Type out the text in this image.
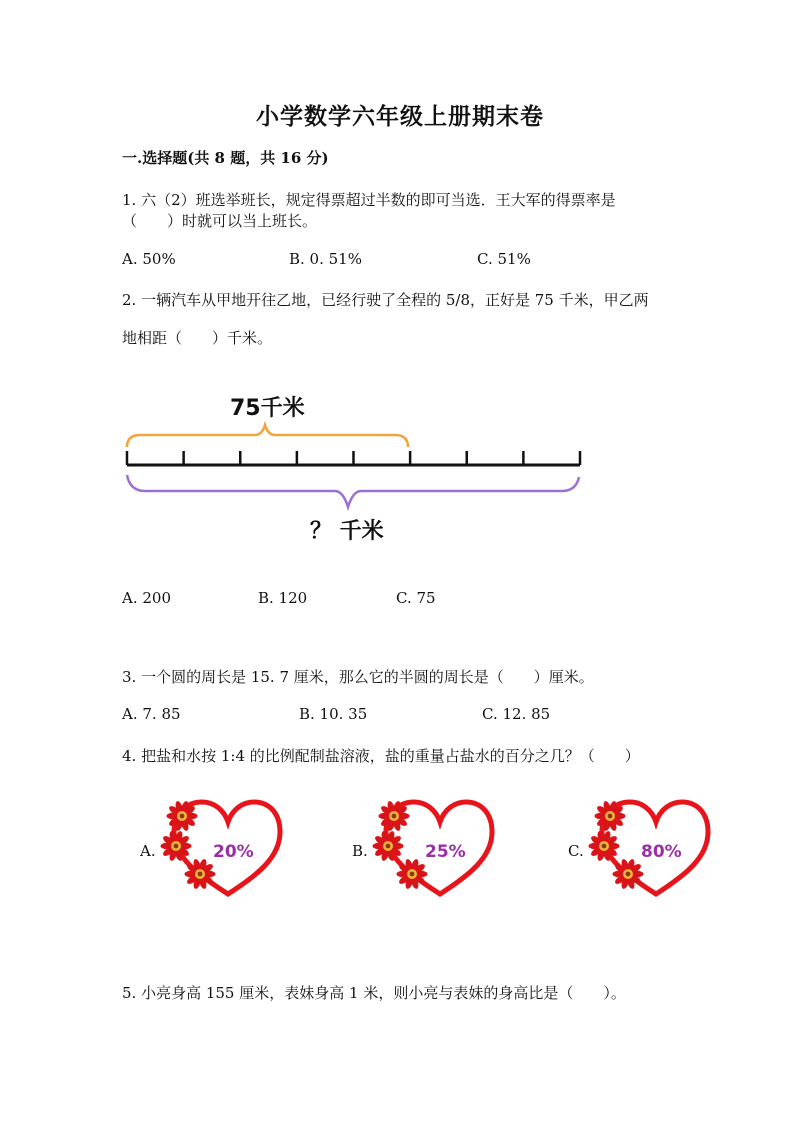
小学数学六年级上册期末卷
一.选择题(共 8 题，共 16 分)
1. 六（2）班选举班长，规定得票超过半数的即可当选．王大军的得票率是
（　　）时就可以当上班长。
A. 50%	B. 0. 51%	C. 51%
2. 一辆汽车从甲地开往乙地，已经行驶了全程的 5/8，正好是 75 千米，甲乙两
地相距（　　）千米。
75千米
？ 千米
A. 200	B. 120	C. 75
3. 一个圆的周长是 15. 7 厘米，那么它的半圆的周长是（　　）厘米。
A. 7. 85	B. 10. 35	C. 12. 85
4. 把盐和水按 1:4 的比例配制盐溶液，盐的重量占盐水的百分之几？（　　）
A.	20%	B.	25%	C.	80%
5. 小亮身高 155 厘米，表妹身高 1 米，则小亮与表妹的身高比是（　　）。
